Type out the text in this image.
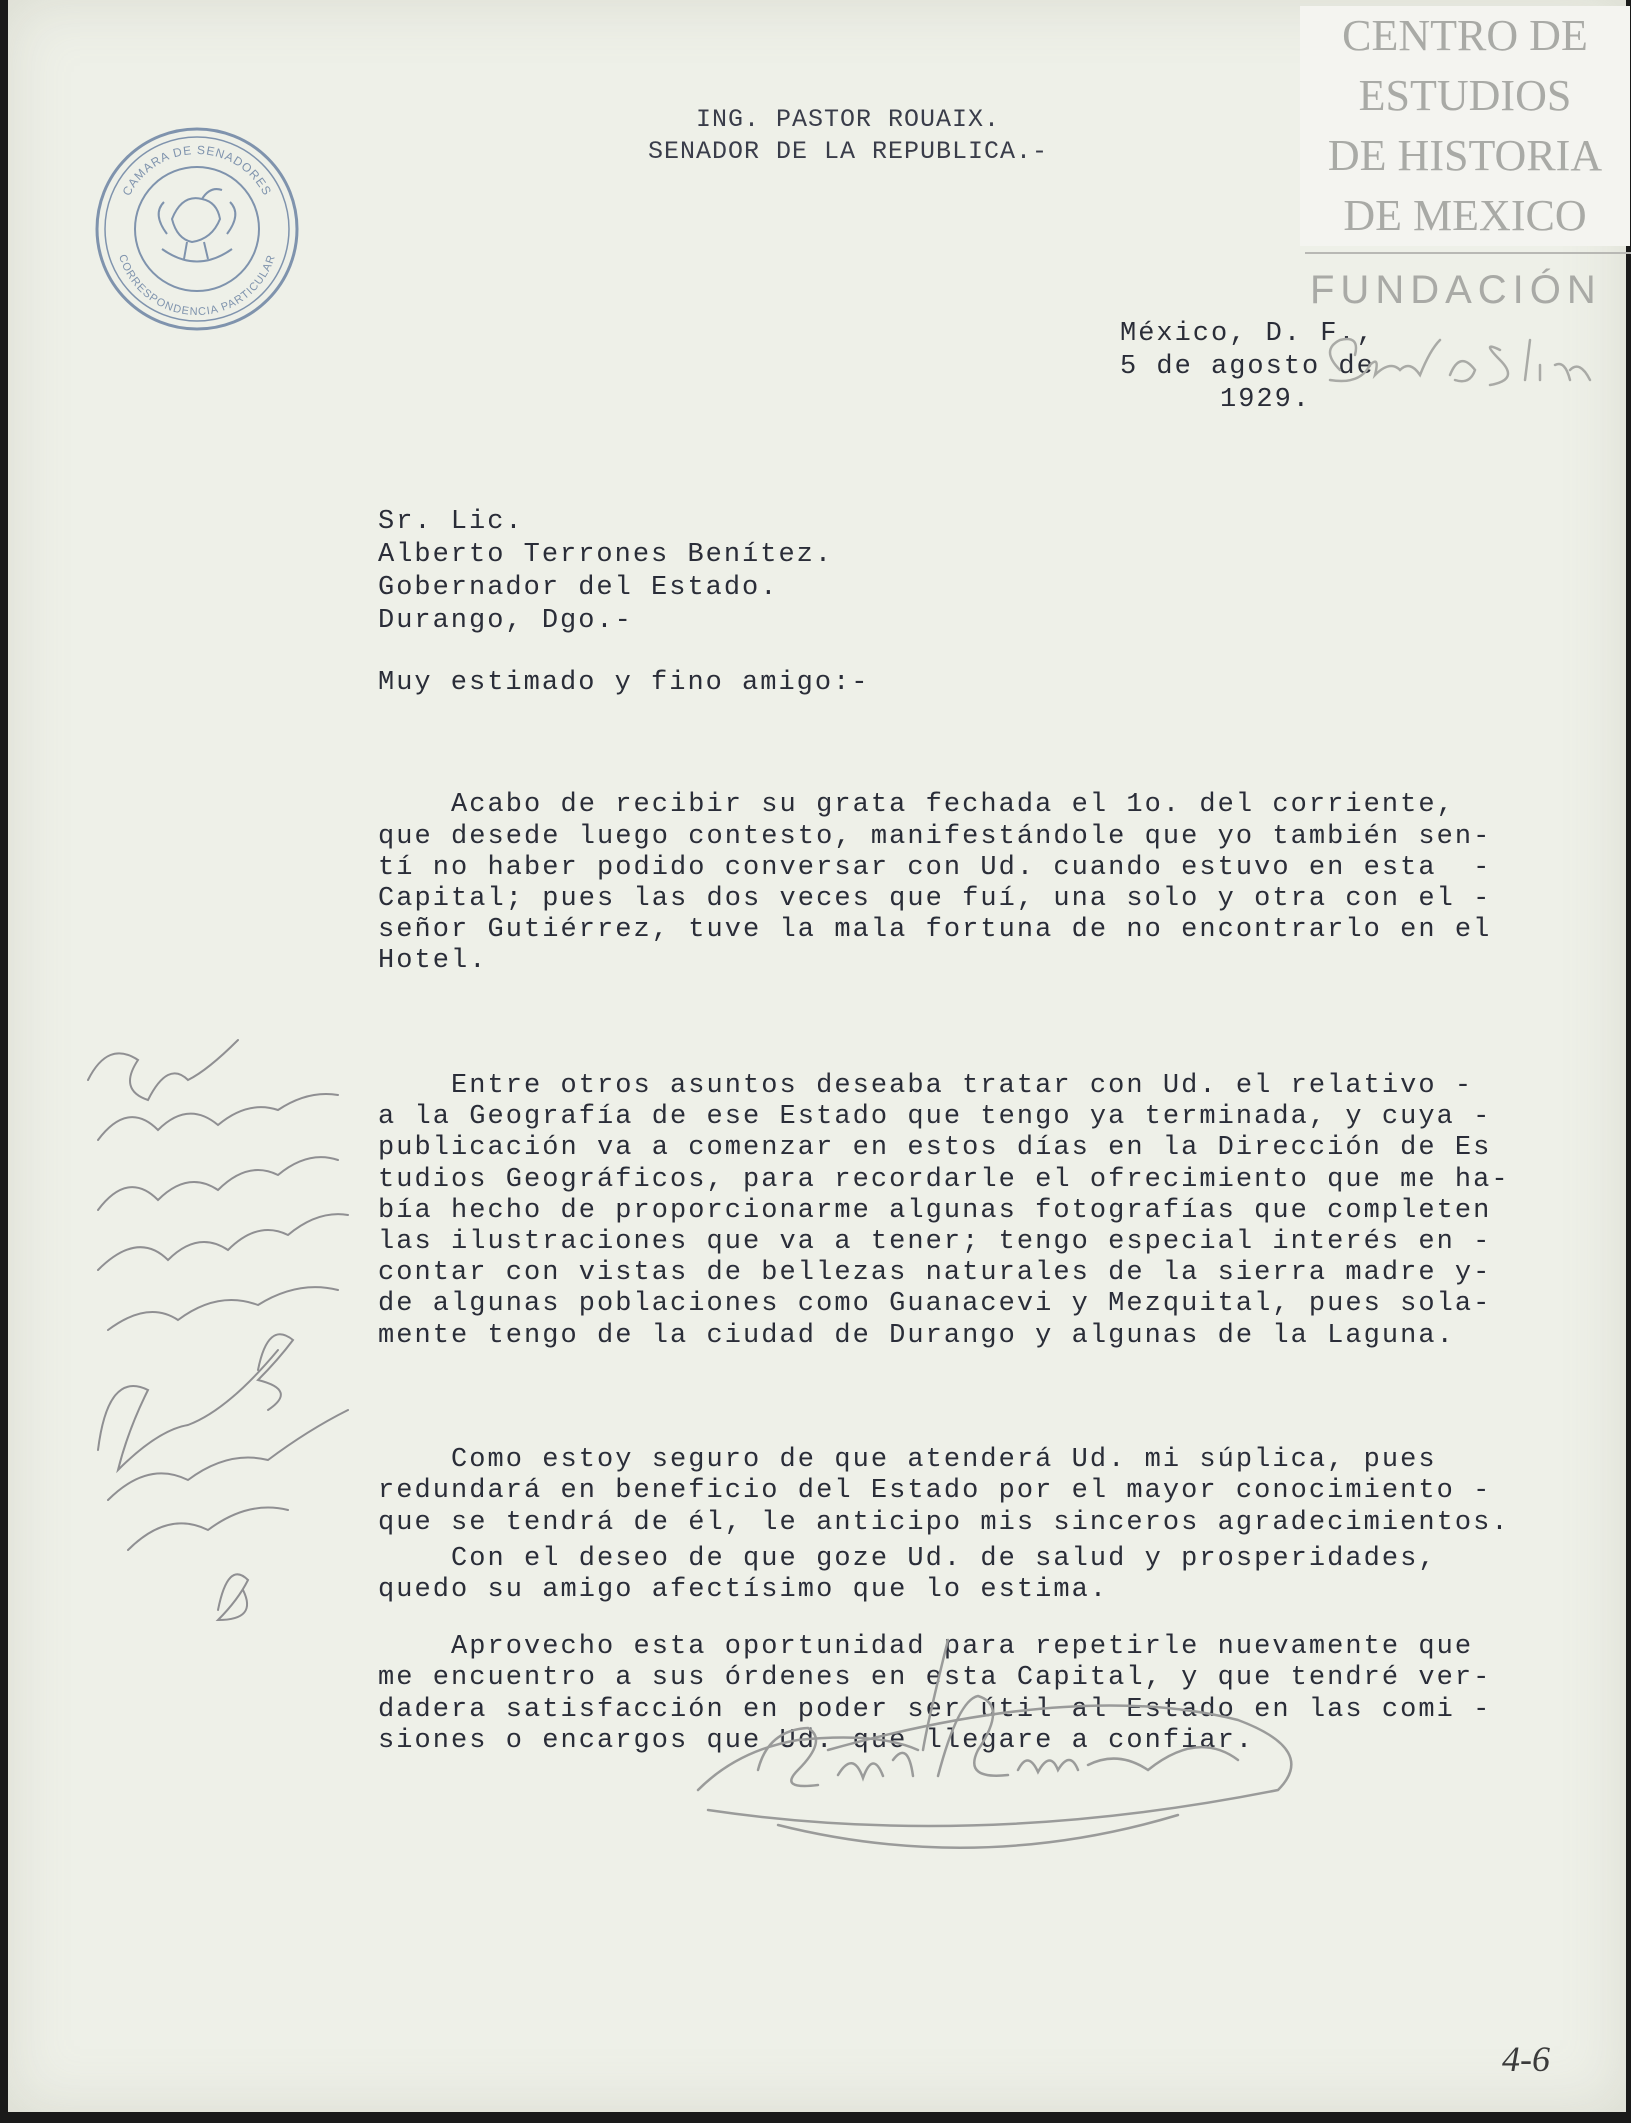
CAMARA DE SENADORES
CORRESPONDENCIA PARTICULAR
ING. PASTOR ROUAIX.
SENADOR DE LA REPUBLICA.-
México, D. F.,
5 de agosto de
1929.
Sr. Lic.
Alberto Terrones Benítez.
Gobernador del Estado.
Durango, Dgo.-
Muy estimado y fino amigo:-

Acabo de recibir su grata fechada el 1o. del corriente,
que desede luego contesto, manifestándole que yo también sen-
tí no haber podido conversar con Ud. cuando estuvo en esta  -
Capital; pues las dos veces que fuí, una solo y otra con el -
señor Gutiérrez, tuve la mala fortuna de no encontrarlo en el
Hotel.

Entre otros asuntos deseaba tratar con Ud. el relativo -
a la Geografía de ese Estado que tengo ya terminada, y cuya -
publicación va a comenzar en estos días en la Dirección de Es
tudios Geográficos, para recordarle el ofrecimiento que me ha-
bía hecho de proporcionarme algunas fotografías que completen
las ilustraciones que va a tener; tengo especial interés en -
contar con vistas de bellezas naturales de la sierra madre y-
de algunas poblaciones como Guanacevi y Mezquital, pues sola-
mente tengo de la ciudad de Durango y algunas de la Laguna.

Como estoy seguro de que atenderá Ud. mi súplica, pues
redundará en beneficio del Estado por el mayor conocimiento -
que se tendrá de él, le anticipo mis sinceros agradecimientos.

Aprovecho esta oportunidad para repetirle nuevamente que
me encuentro a sus órdenes en esta Capital, y que tendré ver-
dadera satisfacción en poder ser útil al Estado en las comi -
siones o encargos que Ud. que llegare a confiar.

Con el deseo de que goze Ud. de salud y prosperidades,
quedo su amigo afectísimo que lo estima.
4-6
CENTRO DE
ESTUDIOS
DE HISTORIA
DE MEXICO
FUNDACIÓN
